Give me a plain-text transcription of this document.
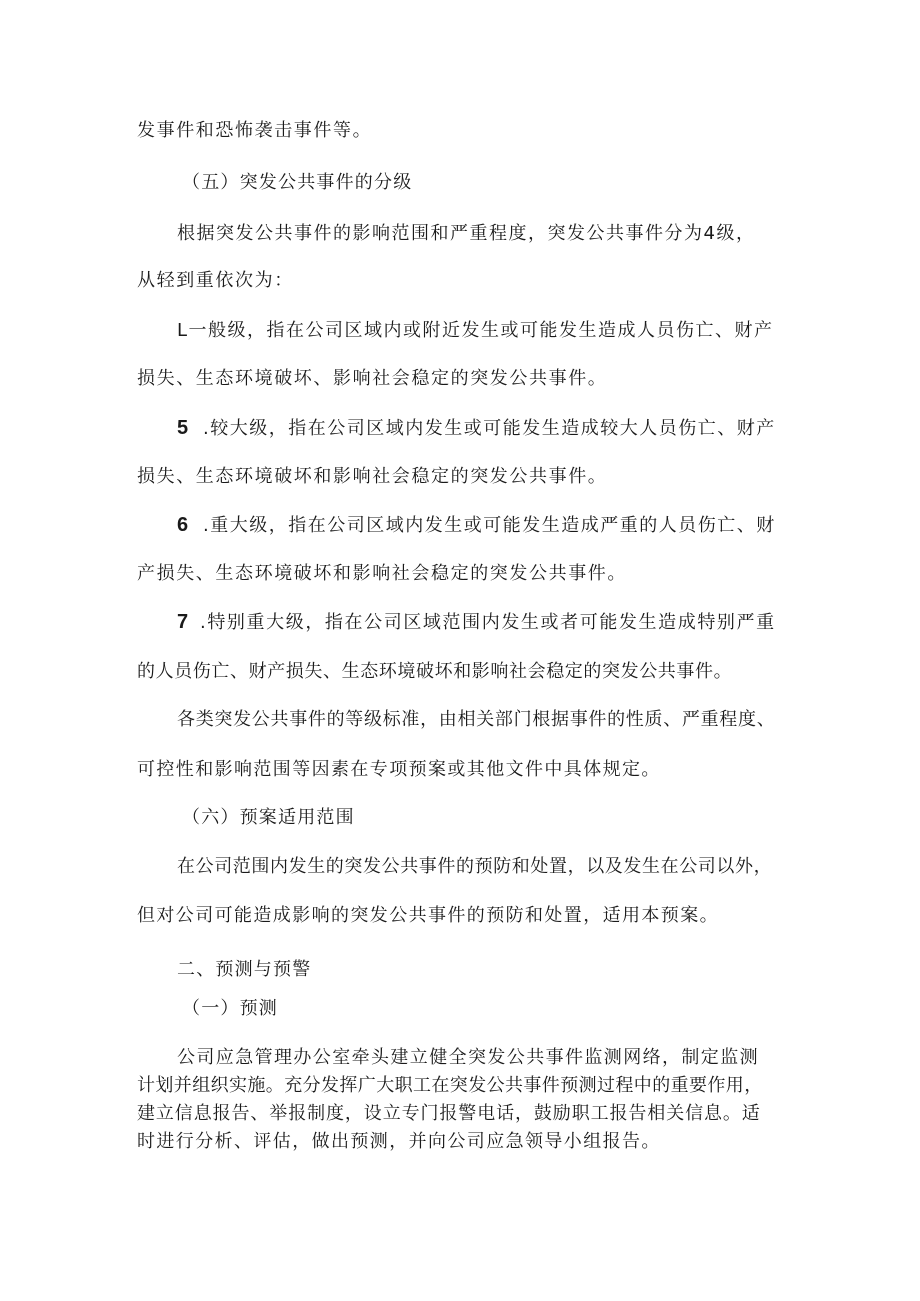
发事件和恐怖袭击事件等。

（五）突发公共事件的分级

根据突发公共事件的影响范围和严重程度，突发公共事件分为4级，

从轻到重依次为：

L一般级，指在公司区域内或附近发生或可能发生造成人员伤亡、财产

损失、生态环境破坏、影响社会稳定的突发公共事件。

5 .较大级，指在公司区域内发生或可能发生造成较大人员伤亡、财产

损失、生态环境破坏和影响社会稳定的突发公共事件。

6 .重大级，指在公司区域内发生或可能发生造成严重的人员伤亡、财

产损失、生态环境破坏和影响社会稳定的突发公共事件。

7 .特别重大级，指在公司区域范围内发生或者可能发生造成特别严重

的人员伤亡、财产损失、生态环境破坏和影响社会稳定的突发公共事件。

各类突发公共事件的等级标准，由相关部门根据事件的性质、严重程度、

可控性和影响范围等因素在专项预案或其他文件中具体规定。

（六）预案适用范围

在公司范围内发生的突发公共事件的预防和处置，以及发生在公司以外，

但对公司可能造成影响的突发公共事件的预防和处置，适用本预案。

二、预测与预警

（一）预测

公司应急管理办公室牵头建立健全突发公共事件监测网络，制定监测

计划并组织实施。充分发挥广大职工在突发公共事件预测过程中的重要作用，

建立信息报告、举报制度，设立专门报警电话，鼓励职工报告相关信息。适

时进行分析、评估，做出预测，并向公司应急领导小组报告。
